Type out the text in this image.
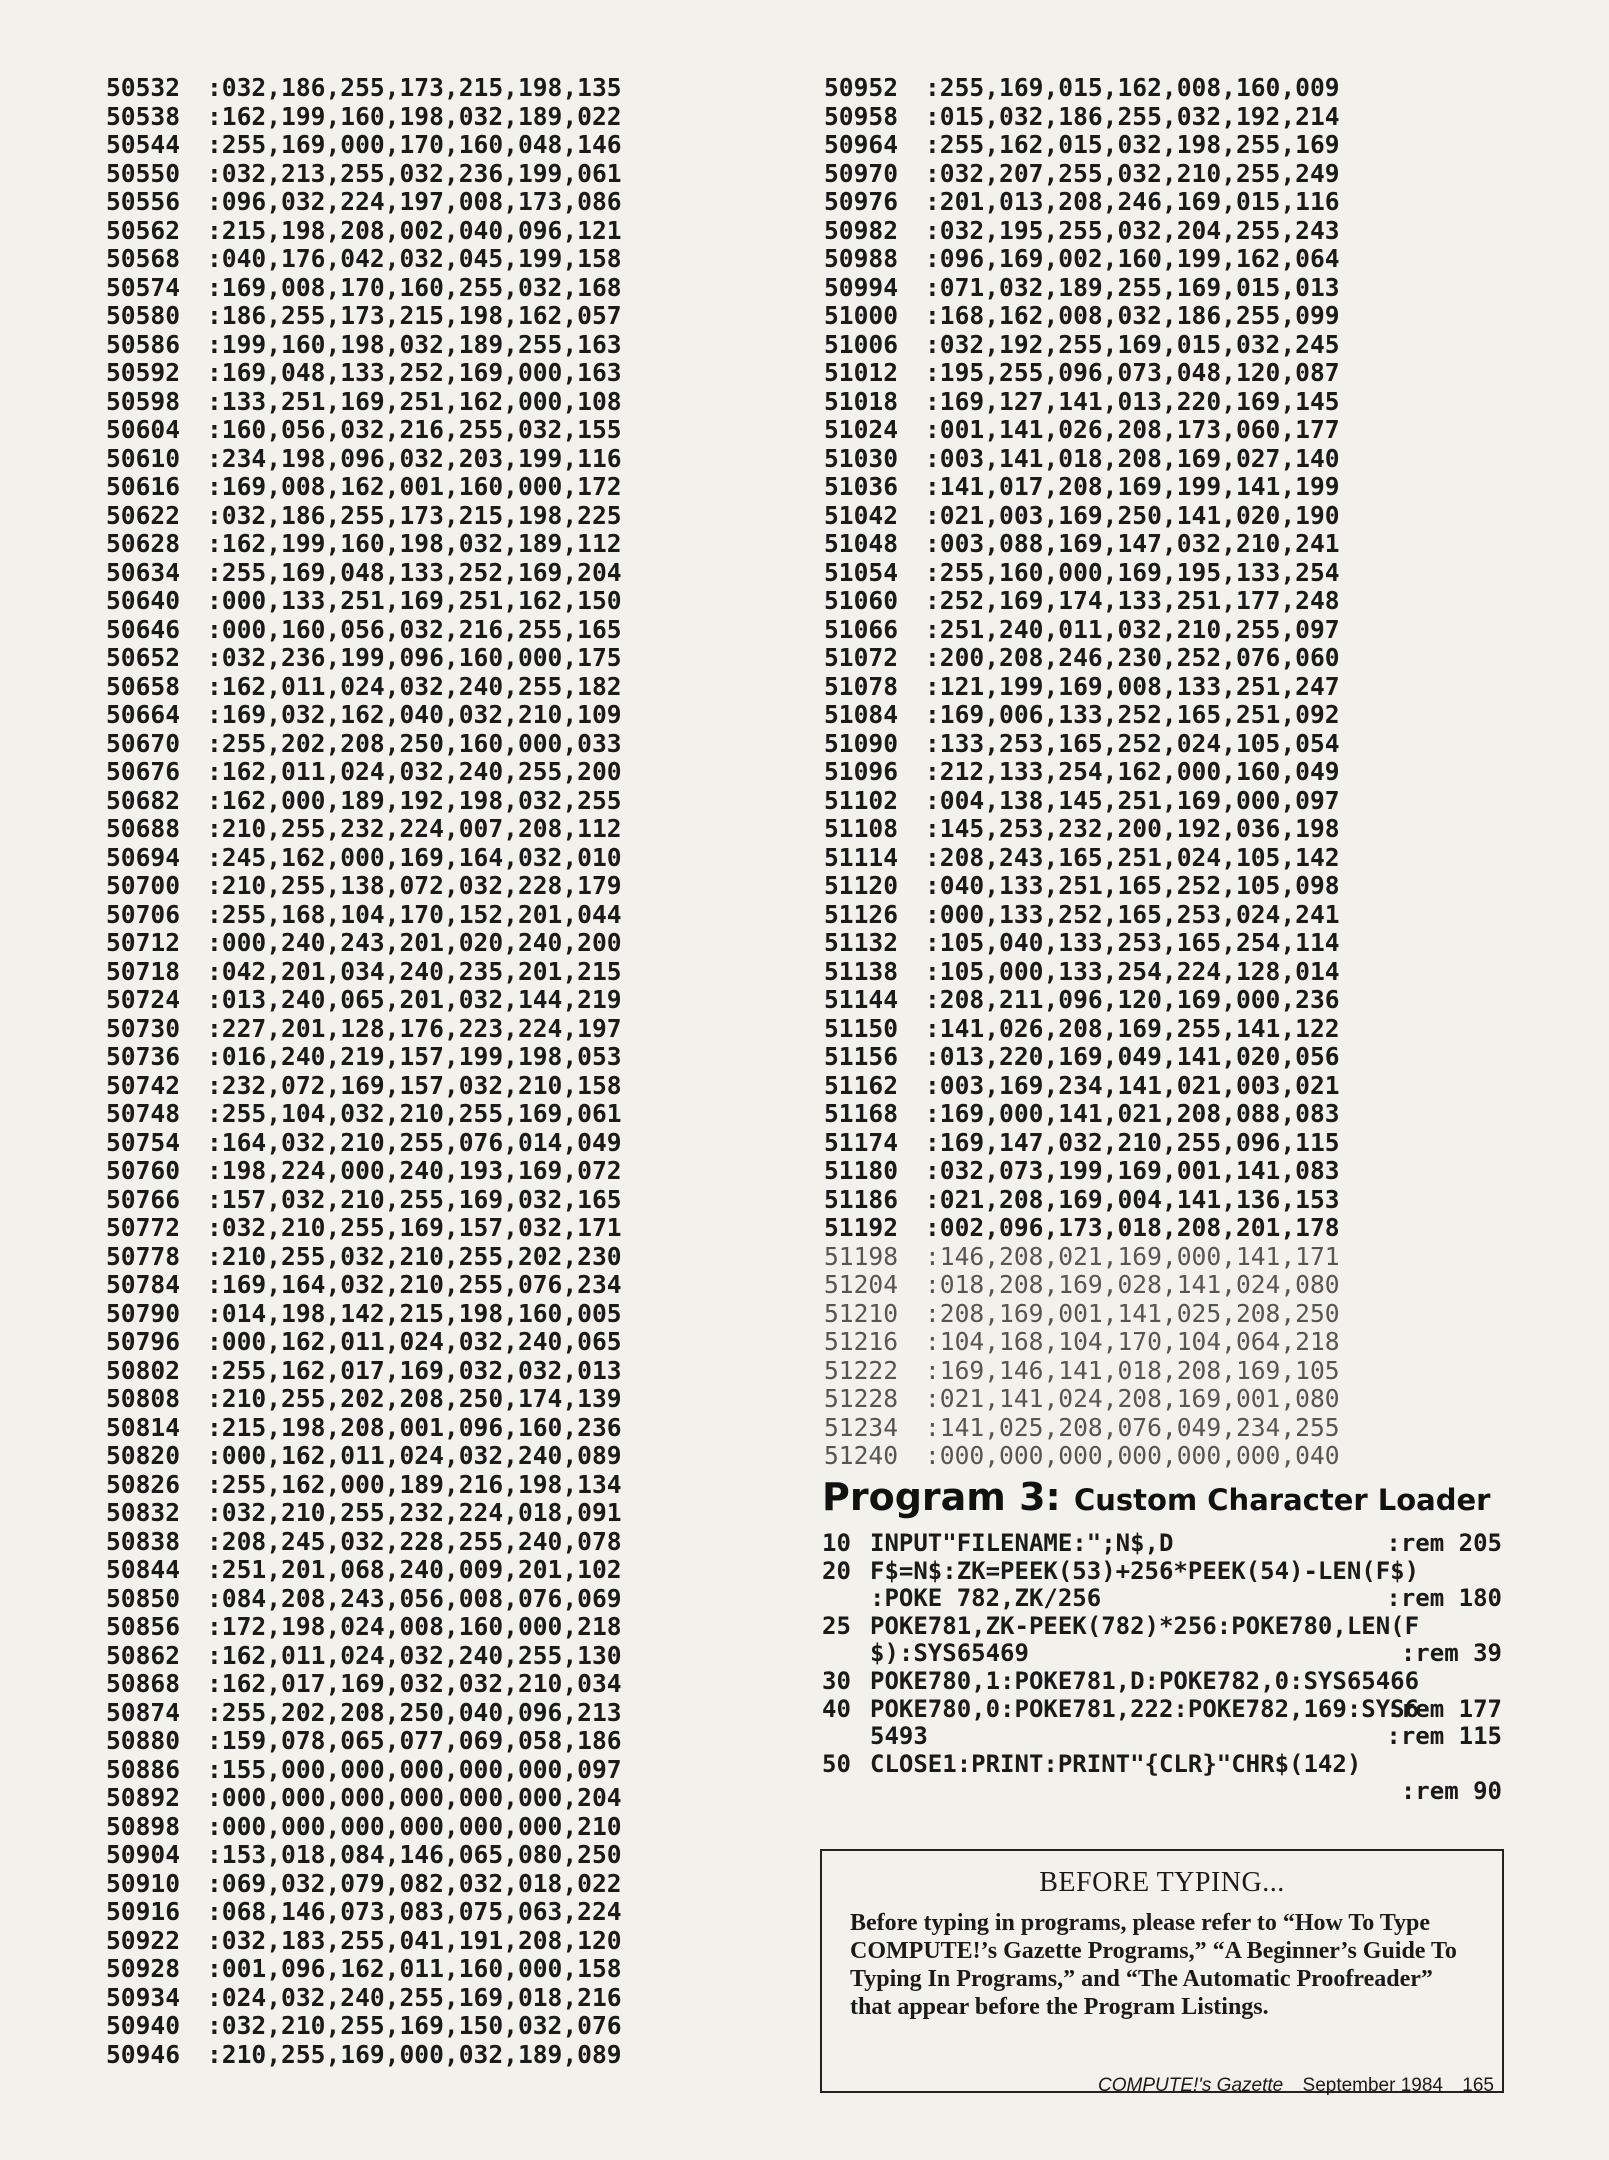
50532 :032,186,255,173,215,198,135
50538 :162,199,160,198,032,189,022
50544 :255,169,000,170,160,048,146
50550 :032,213,255,032,236,199,061
50556 :096,032,224,197,008,173,086
50562 :215,198,208,002,040,096,121
50568 :040,176,042,032,045,199,158
50574 :169,008,170,160,255,032,168
50580 :186,255,173,215,198,162,057
50586 :199,160,198,032,189,255,163
50592 :169,048,133,252,169,000,163
50598 :133,251,169,251,162,000,108
50604 :160,056,032,216,255,032,155
50610 :234,198,096,032,203,199,116
50616 :169,008,162,001,160,000,172
50622 :032,186,255,173,215,198,225
50628 :162,199,160,198,032,189,112
50634 :255,169,048,133,252,169,204
50640 :000,133,251,169,251,162,150
50646 :000,160,056,032,216,255,165
50652 :032,236,199,096,160,000,175
50658 :162,011,024,032,240,255,182
50664 :169,032,162,040,032,210,109
50670 :255,202,208,250,160,000,033
50676 :162,011,024,032,240,255,200
50682 :162,000,189,192,198,032,255
50688 :210,255,232,224,007,208,112
50694 :245,162,000,169,164,032,010
50700 :210,255,138,072,032,228,179
50706 :255,168,104,170,152,201,044
50712 :000,240,243,201,020,240,200
50718 :042,201,034,240,235,201,215
50724 :013,240,065,201,032,144,219
50730 :227,201,128,176,223,224,197
50736 :016,240,219,157,199,198,053
50742 :232,072,169,157,032,210,158
50748 :255,104,032,210,255,169,061
50754 :164,032,210,255,076,014,049
50760 :198,224,000,240,193,169,072
50766 :157,032,210,255,169,032,165
50772 :032,210,255,169,157,032,171
50778 :210,255,032,210,255,202,230
50784 :169,164,032,210,255,076,234
50790 :014,198,142,215,198,160,005
50796 :000,162,011,024,032,240,065
50802 :255,162,017,169,032,032,013
50808 :210,255,202,208,250,174,139
50814 :215,198,208,001,096,160,236
50820 :000,162,011,024,032,240,089
50826 :255,162,000,189,216,198,134
50832 :032,210,255,232,224,018,091
50838 :208,245,032,228,255,240,078
50844 :251,201,068,240,009,201,102
50850 :084,208,243,056,008,076,069
50856 :172,198,024,008,160,000,218
50862 :162,011,024,032,240,255,130
50868 :162,017,169,032,032,210,034
50874 :255,202,208,250,040,096,213
50880 :159,078,065,077,069,058,186
50886 :155,000,000,000,000,000,097
50892 :000,000,000,000,000,000,204
50898 :000,000,000,000,000,000,210
50904 :153,018,084,146,065,080,250
50910 :069,032,079,082,032,018,022
50916 :068,146,073,083,075,063,224
50922 :032,183,255,041,191,208,120
50928 :001,096,162,011,160,000,158
50934 :024,032,240,255,169,018,216
50940 :032,210,255,169,150,032,076
50946 :210,255,169,000,032,189,089
50952 :255,169,015,162,008,160,009
50958 :015,032,186,255,032,192,214
50964 :255,162,015,032,198,255,169
50970 :032,207,255,032,210,255,249
50976 :201,013,208,246,169,015,116
50982 :032,195,255,032,204,255,243
50988 :096,169,002,160,199,162,064
50994 :071,032,189,255,169,015,013
51000 :168,162,008,032,186,255,099
51006 :032,192,255,169,015,032,245
51012 :195,255,096,073,048,120,087
51018 :169,127,141,013,220,169,145
51024 :001,141,026,208,173,060,177
51030 :003,141,018,208,169,027,140
51036 :141,017,208,169,199,141,199
51042 :021,003,169,250,141,020,190
51048 :003,088,169,147,032,210,241
51054 :255,160,000,169,195,133,254
51060 :252,169,174,133,251,177,248
51066 :251,240,011,032,210,255,097
51072 :200,208,246,230,252,076,060
51078 :121,199,169,008,133,251,247
51084 :169,006,133,252,165,251,092
51090 :133,253,165,252,024,105,054
51096 :212,133,254,162,000,160,049
51102 :004,138,145,251,169,000,097
51108 :145,253,232,200,192,036,198
51114 :208,243,165,251,024,105,142
51120 :040,133,251,165,252,105,098
51126 :000,133,252,165,253,024,241
51132 :105,040,133,253,165,254,114
51138 :105,000,133,254,224,128,014
51144 :208,211,096,120,169,000,236
51150 :141,026,208,169,255,141,122
51156 :013,220,169,049,141,020,056
51162 :003,169,234,141,021,003,021
51168 :169,000,141,021,208,088,083
51174 :169,147,032,210,255,096,115
51180 :032,073,199,169,001,141,083
51186 :021,208,169,004,141,136,153
51192 :002,096,173,018,208,201,178
51198 :146,208,021,169,000,141,171
51204 :018,208,169,028,141,024,080
51210 :208,169,001,141,025,208,250
51216 :104,168,104,170,104,064,218
51222 :169,146,141,018,208,169,105
51228 :021,141,024,208,169,001,080
51234 :141,025,208,076,049,234,255
51240 :000,000,000,000,000,000,040
Program 3: Custom Character Loader
10 INPUT"FILENAME:";N$,D	:rem 205
20 F$=N$:ZK=PEEK(53)+256*PEEK(54)-LEN(F$)
:POKE 782,ZK/256	:rem 180
25 POKE781,ZK-PEEK(782)*256:POKE780,LEN(F
$):SYS65469	:rem 39
30 POKE780,1:POKE781,D:POKE782,0:SYS65466
:rem 177
40 POKE780,0:POKE781,222:POKE782,169:SYS6
5493	:rem 115
50 CLOSE1:PRINT:PRINT"{CLR}"CHR$(142)
:rem 90
BEFORE TYPING...
Before typing in programs, please refer to “How To Type COMPUTE!’s Gazette Programs,” “A Beginner’s Guide To Typing In Programs,” and “The Automatic Proofreader” that appear before the Program Listings.
COMPUTE!'s Gazette September 1984 165
